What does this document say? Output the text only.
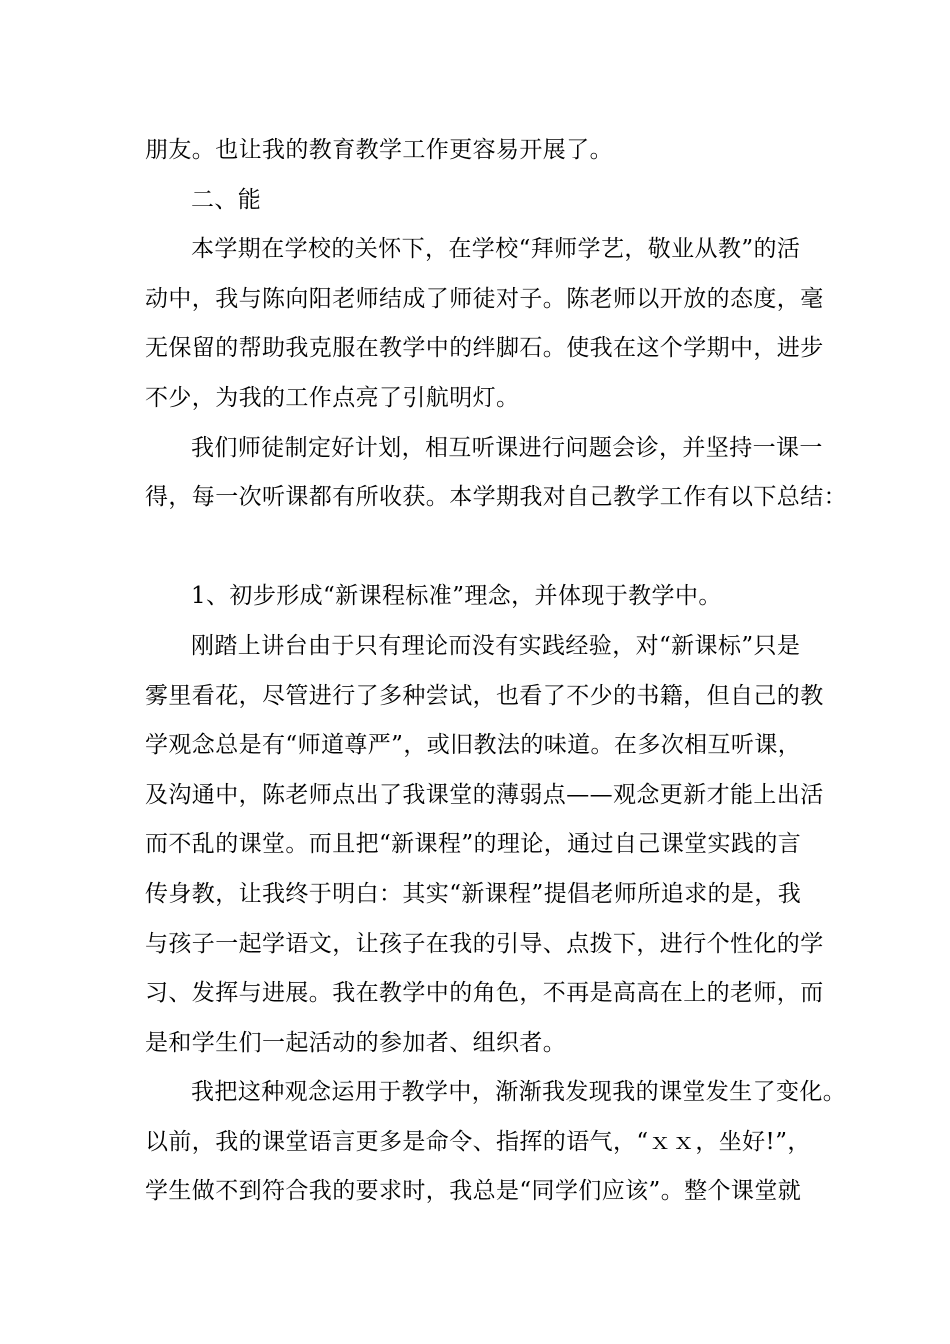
朋友。也让我的教育教学工作更容易开展了。
二、能
本学期在学校的关怀下，在学校“拜师学艺，敬业从教”的活
动中，我与陈向阳老师结成了师徒对子。陈老师以开放的态度，毫
无保留的帮助我克服在教学中的绊脚石。使我在这个学期中，进步
不少，为我的工作点亮了引航明灯。
我们师徒制定好计划，相互听课进行问题会诊，并坚持一课一
得，每一次听课都有所收获。本学期我对自己教学工作有以下总结：
1、初步形成“新课程标准”理念，并体现于教学中。
刚踏上讲台由于只有理论而没有实践经验，对“新课标”只是
雾里看花，尽管进行了多种尝试，也看了不少的书籍，但自己的教
学观念总是有“师道尊严”，或旧教法的味道。在多次相互听课，
及沟通中，陈老师点出了我课堂的薄弱点——观念更新才能上出活
而不乱的课堂。而且把“新课程”的理论，通过自己课堂实践的言
传身教，让我终于明白：其实“新课程”提倡老师所追求的是，我
与孩子一起学语文，让孩子在我的引导、点拨下，进行个性化的学
习、发挥与进展。我在教学中的角色，不再是高高在上的老师，而
是和学生们一起活动的参加者、组织者。
我把这种观念运用于教学中，渐渐我发现我的课堂发生了变化。
以前，我的课堂语言更多是命令、指挥的语气，“ｘｘ，坐好!”，
学生做不到符合我的要求时，我总是“同学们应该”。整个课堂就
